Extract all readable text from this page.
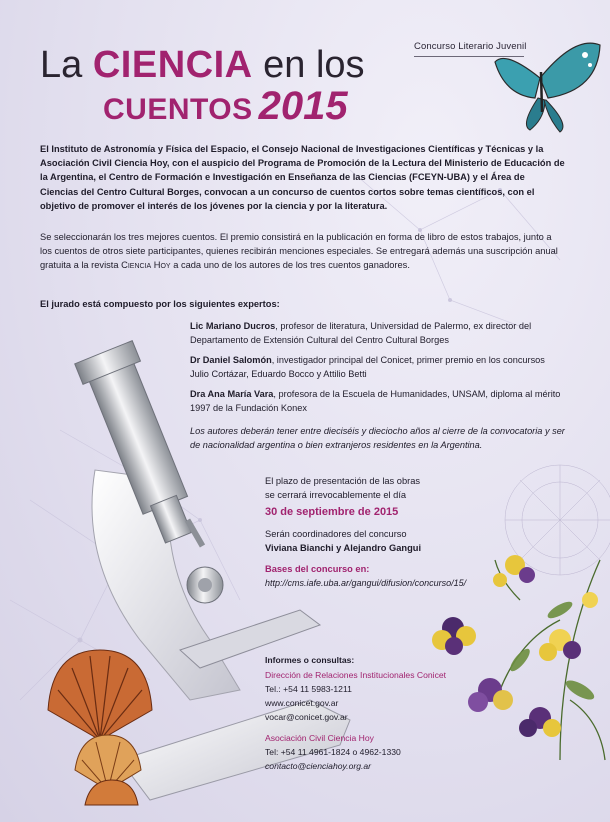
Concurso Literario Juvenil
La CIENCIA en los
CUENTOS 2015
El Instituto de Astronomía y Física del Espacio, el Consejo Nacional de Investigaciones Científicas y Técnicas y la Asociación Civil Ciencia Hoy, con el auspicio del Programa de Promoción de la Lectura del Ministerio de Educación de la Argentina, el Centro de Formación e Investigación en Enseñanza de las Ciencias (FCEYN-UBA) y el Área de Ciencias del Centro Cultural Borges, convocan a un concurso de cuentos cortos sobre temas científicos, con el objetivo de promover el interés de los jóvenes por la ciencia y por la literatura.
Se seleccionarán los tres mejores cuentos. El premio consistirá en la publicación en forma de libro de estos trabajos, junto a los cuentos de otros siete participantes, quienes recibirán menciones especiales. Se entregará además una suscripción anual gratuita a la revista Ciencia Hoy a cada uno de los autores de los tres cuentos ganadores.
El jurado está compuesto por los siguientes expertos:
Lic Mariano Ducros, profesor de literatura, Universidad de Palermo, ex director del Departamento de Extensión Cultural del Centro Cultural Borges
Dr Daniel Salomón, investigador principal del Conicet, primer premio en los concursos Julio Cortázar, Eduardo Bocco y Attilio Betti
Dra Ana María Vara, profesora de la Escuela de Humanidades, UNSAM, diploma al mérito 1997 de la Fundación Konex
Los autores deberán tener entre dieciséis y dieciocho años al cierre de la convocatoria y ser de nacionalidad argentina o bien extranjeros residentes en la Argentina.
El plazo de presentación de las obras
se cerrará irrevocablemente el día
30 de septiembre de 2015
Serán coordinadores del concurso
Viviana Bianchi y Alejandro Gangui
Bases del concurso en:
http://cms.iafe.uba.ar/gangui/difusion/concurso/15/
Informes o consultas:
Dirección de Relaciones Institucionales Conicet
Tel.: +54 11 5983-1211
www.conicet.gov.ar
vocar@conicet.gov.ar
Asociación Civil Ciencia Hoy
Tel: +54 11 4961-1824 o 4962-1330
contacto@cienciahoy.org.ar
